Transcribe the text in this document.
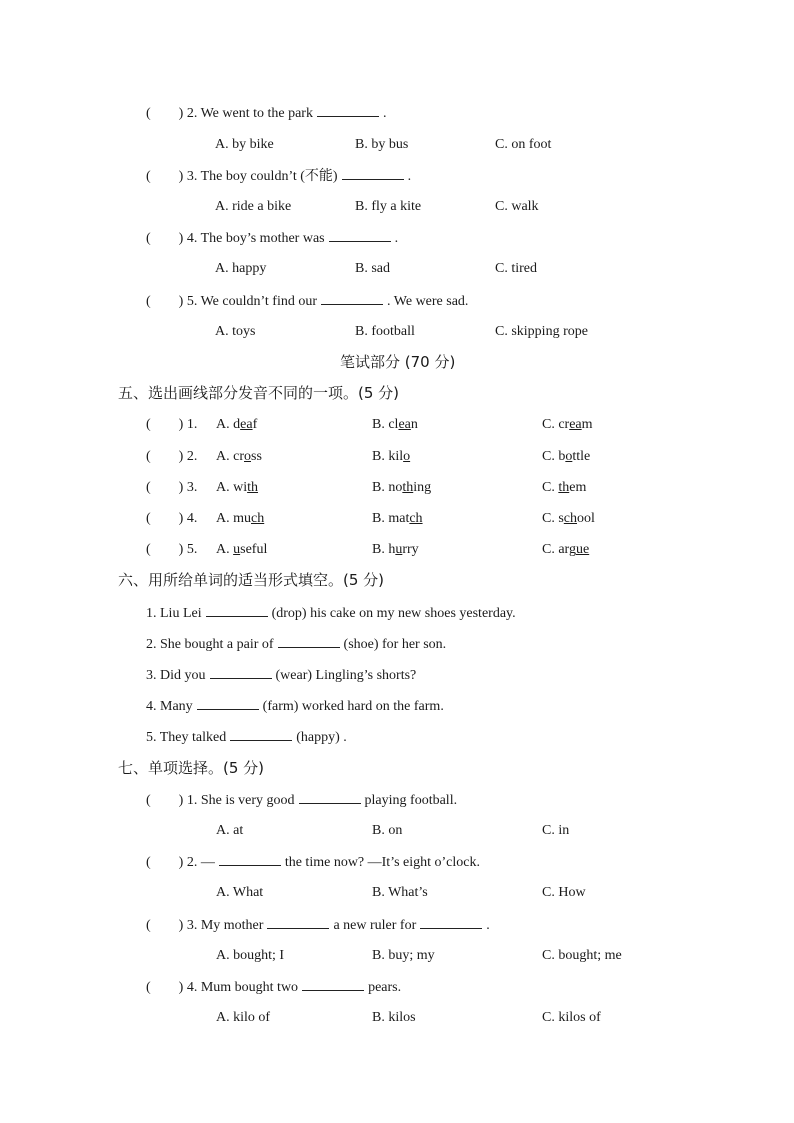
(        ) 2. We went to the park	.
A. by bike	B. by bus	C. on foot
(        ) 3. The boy couldn’t (不能)	.
A. ride a bike	B. fly a kite	C. walk
(        ) 4. The boy’s mother was	.
A. happy	B. sad	C. tired
(        ) 5. We couldn’t find our	. We were sad.
A. toys	B. football	C. skipping rope
笔试部分 (70 分)
五、选出画线部分发音不同的一项。(5 分)
(        ) 1. A. deaf	B. clean	C. cream
(        ) 2. A. cross	B. kilo	C. bottle
(        ) 3. A. with	B. nothing	C. them
(        ) 4. A. much	B. match	C. school
(        ) 5. A. useful	B. hurry	C. argue
六、用所给单词的适当形式填空。(5 分)
1. Liu Lei	(drop) his cake on my new shoes yesterday.
2. She bought a pair of	(shoe) for her son.
3. Did you	(wear) Lingling’s shorts?
4. Many	(farm) worked hard on the farm.
5. They talked	(happy) .
七、单项选择。(5 分)
(        ) 1. She is very good	playing football.
A. at	B. on	C. in
(        ) 2. —	the time now? —It’s eight o’clock.
A. What	B. What’s	C. How
(        ) 3. My mother	a new ruler for	.
A. bought; I	B. buy; my	C. bought; me
(        ) 4. Mum bought two	pears.
A. kilo of	B. kilos	C. kilos of
